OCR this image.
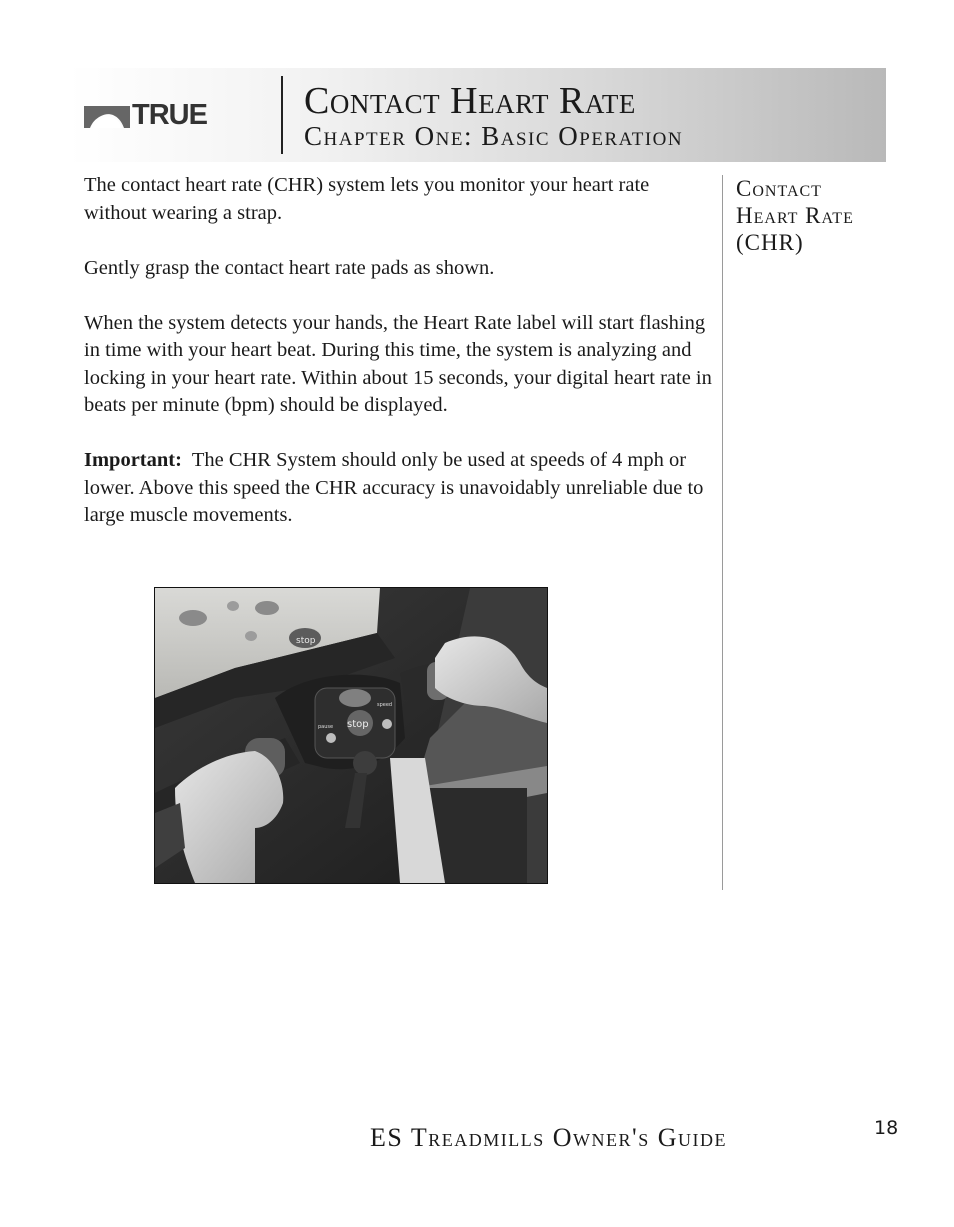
TRUE	Contact Heart Rate
Chapter One: Basic Operation

The contact heart rate (CHR) system lets you monitor your heart rate without wearing a strap.

Gently grasp the contact heart rate pads as shown.

When the system detects your hands, the Heart Rate label will start flashing in time with your heart beat. During this time, the system is analyzing and locking in your heart rate. Within about 15 seconds, your digital heart rate in beats per minute (bpm) should be displayed.

Important: The CHR System should only be used at speeds of 4 mph or lower. Above this speed the CHR accuracy is unavoidably unreliable due to large muscle movements.

Contact
Heart Rate
(CHR)
stop
stop
pause
speed
ES Treadmills Owner's Guide	18
